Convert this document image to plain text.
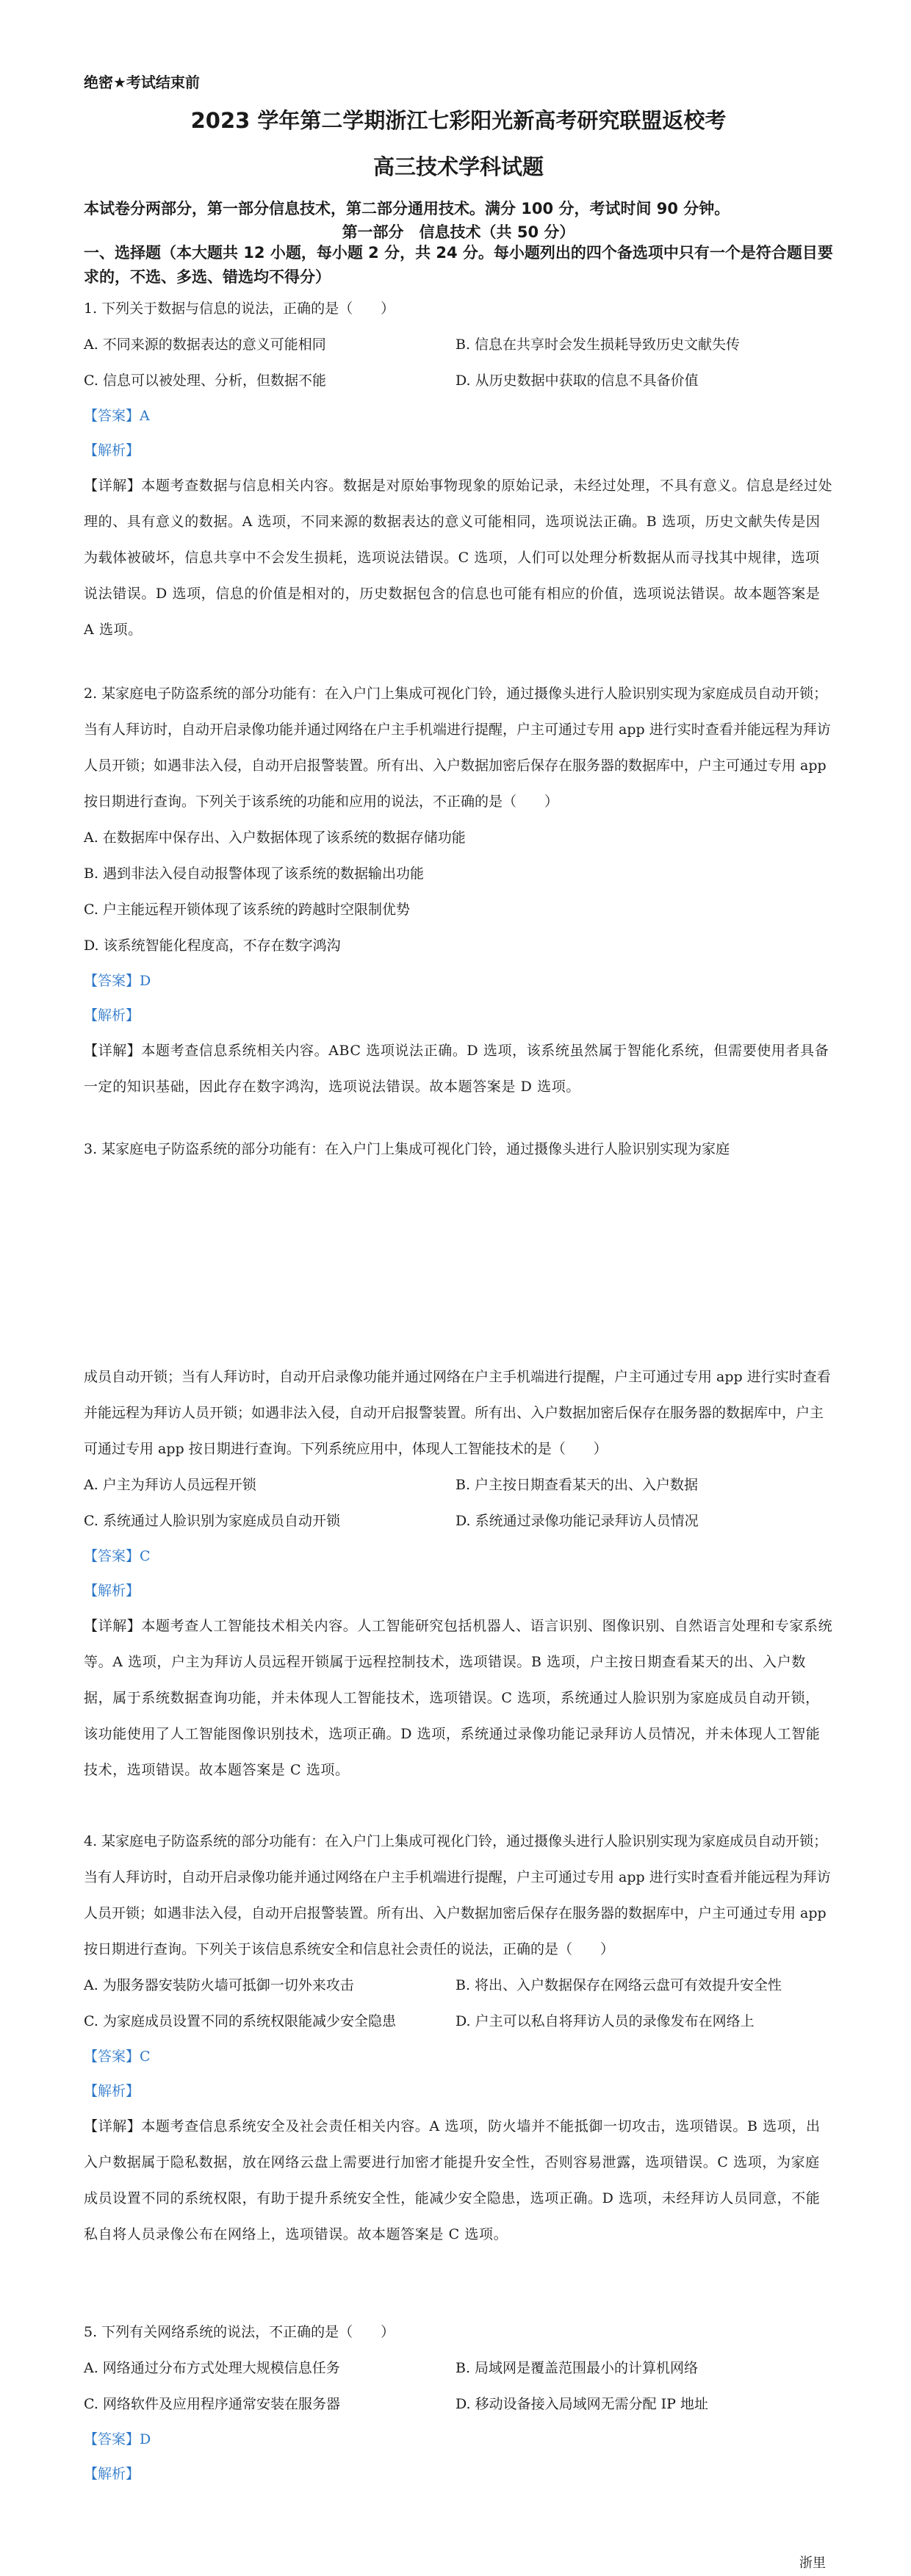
绝密★考试结束前
2023 学年第二学期浙江七彩阳光新高考研究联盟返校考
高三技术学科试题
本试卷分两部分，第一部分信息技术，第二部分通用技术。满分 100 分，考试时间 90 分钟。
第一部分　信息技术（共 50 分）
一、选择题（本大题共 12 小题，每小题 2 分，共 24 分。每小题列出的四个备选项中只有一个是符合题目要求的，不选、多选、错选均不得分）
1. 下列关于数据与信息的说法，正确的是（　　）
A. 不同来源的数据表达的意义可能相同	B. 信息在共享时会发生损耗导致历史文献失传
C. 信息可以被处理、分析，但数据不能	D. 从历史数据中获取的信息不具备价值
【答案】A
【解析】
【详解】本题考查数据与信息相关内容。数据是对原始事物现象的原始记录，未经过处理，不具有意义。信息是经过处理的、具有意义的数据。A 选项，不同来源的数据表达的意义可能相同，选项说法正确。B 选项，历史文献失传是因为载体被破坏，信息共享中不会发生损耗，选项说法错误。C 选项，人们可以处理分析数据从而寻找其中规律，选项说法错误。D 选项，信息的价值是相对的，历史数据包含的信息也可能有相应的价值，选项说法错误。故本题答案是 A 选项。
2. 某家庭电子防盗系统的部分功能有：在入户门上集成可视化门铃，通过摄像头进行人脸识别实现为家庭成员自动开锁；当有人拜访时，自动开启录像功能并通过网络在户主手机端进行提醒，户主可通过专用 app 进行实时查看并能远程为拜访人员开锁；如遇非法入侵，自动开启报警装置。所有出、入户数据加密后保存在服务器的数据库中，户主可通过专用 app 按日期进行查询。下列关于该系统的功能和应用的说法，不正确的是（　　）
A. 在数据库中保存出、入户数据体现了该系统的数据存储功能
B. 遇到非法入侵自动报警体现了该系统的数据输出功能
C. 户主能远程开锁体现了该系统的跨越时空限制优势
D. 该系统智能化程度高，不存在数字鸿沟
【答案】D
【解析】
【详解】本题考查信息系统相关内容。ABC 选项说法正确。D 选项，该系统虽然属于智能化系统，但需要使用者具备一定的知识基础，因此存在数字鸿沟，选项说法错误。故本题答案是 D 选项。
3. 某家庭电子防盗系统的部分功能有：在入户门上集成可视化门铃，通过摄像头进行人脸识别实现为家庭
成员自动开锁；当有人拜访时，自动开启录像功能并通过网络在户主手机端进行提醒，户主可通过专用 app 进行实时查看并能远程为拜访人员开锁；如遇非法入侵，自动开启报警装置。所有出、入户数据加密后保存在服务器的数据库中，户主可通过专用 app 按日期进行查询。下列系统应用中，体现人工智能技术的是（　　）
A. 户主为拜访人员远程开锁	B. 户主按日期查看某天的出、入户数据
C. 系统通过人脸识别为家庭成员自动开锁	D. 系统通过录像功能记录拜访人员情况
【答案】C
【解析】
【详解】本题考查人工智能技术相关内容。人工智能研究包括机器人、语言识别、图像识别、自然语言处理和专家系统等。A 选项，户主为拜访人员远程开锁属于远程控制技术，选项错误。B 选项，户主按日期查看某天的出、入户数据，属于系统数据查询功能，并未体现人工智能技术，选项错误。C 选项，系统通过人脸识别为家庭成员自动开锁，该功能使用了人工智能图像识别技术，选项正确。D 选项，系统通过录像功能记录拜访人员情况，并未体现人工智能技术，选项错误。故本题答案是 C 选项。
4. 某家庭电子防盗系统的部分功能有：在入户门上集成可视化门铃，通过摄像头进行人脸识别实现为家庭成员自动开锁；当有人拜访时，自动开启录像功能并通过网络在户主手机端进行提醒，户主可通过专用 app 进行实时查看并能远程为拜访人员开锁；如遇非法入侵，自动开启报警装置。所有出、入户数据加密后保存在服务器的数据库中，户主可通过专用 app 按日期进行查询。下列关于该信息系统安全和信息社会责任的说法，正确的是（　　）
A. 为服务器安装防火墙可抵御一切外来攻击	B. 将出、入户数据保存在网络云盘可有效提升安全性
C. 为家庭成员设置不同的系统权限能减少安全隐患	D. 户主可以私自将拜访人员的录像发布在网络上
【答案】C
【解析】
【详解】本题考查信息系统安全及社会责任相关内容。A 选项，防火墙并不能抵御一切攻击，选项错误。B 选项，出入户数据属于隐私数据，放在网络云盘上需要进行加密才能提升安全性，否则容易泄露，选项错误。C 选项，为家庭成员设置不同的系统权限，有助于提升系统安全性，能减少安全隐患，选项正确。D 选项，未经拜访人员同意，不能私自将人员录像公布在网络上，选项错误。故本题答案是 C 选项。
5. 下列有关网络系统的说法，不正确的是（　　）
A. 网络通过分布方式处理大规模信息任务	B. 局域网是覆盖范围最小的计算机网络
C. 网络软件及应用程序通常安装在服务器	D. 移动设备接入局域网无需分配 IP 地址
【答案】D
【解析】
浙里
